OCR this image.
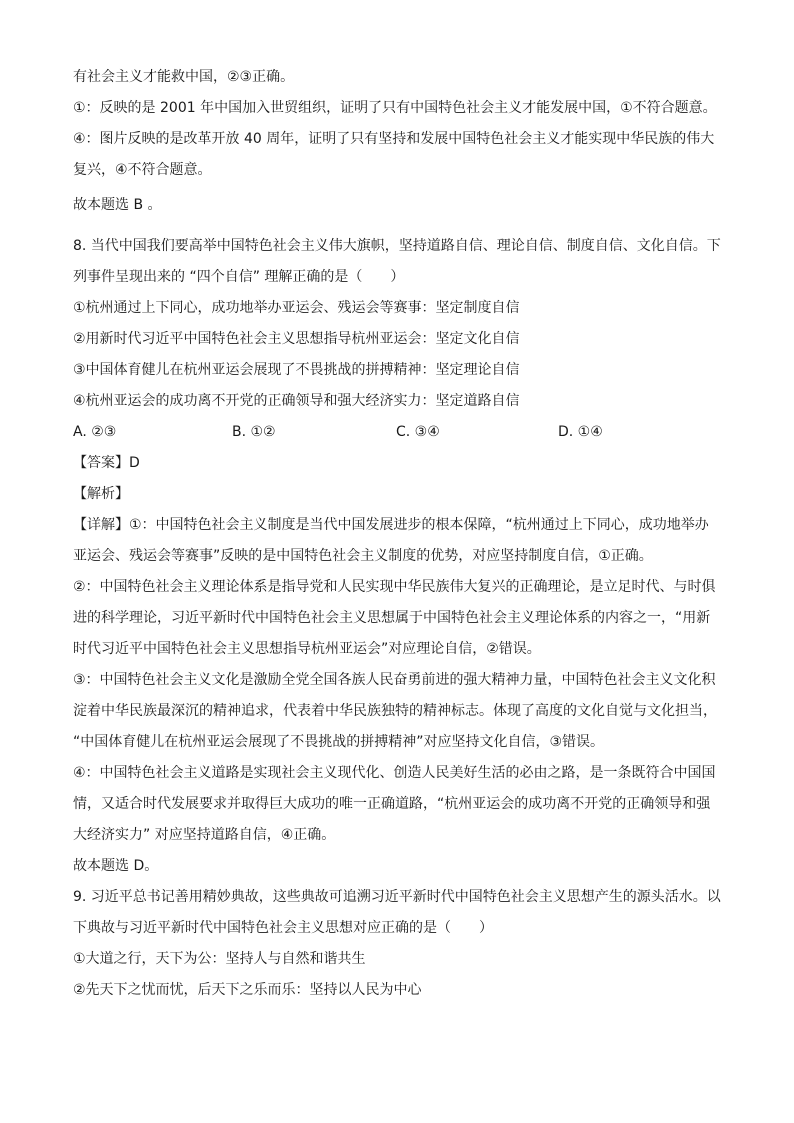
有社会主义才能救中国，②③正确。
①：反映的是 2001 年中国加入世贸组织，证明了只有中国特色社会主义才能发展中国，①不符合题意。
④：图片反映的是改革开放 40 周年，证明了只有坚持和发展中国特色社会主义才能实现中华民族的伟大
复兴，④不符合题意。
故本题选 B 。
8. 当代中国我们要高举中国特色社会主义伟大旗帜，坚持道路自信、理论自信、制度自信、文化自信。下
列事件呈现出来的 “四个自信” 理解正确的是（　　）
①杭州通过上下同心，成功地举办亚运会、残运会等赛事：坚定制度自信
②用新时代习近平中国特色社会主义思想指导杭州亚运会：坚定文化自信
③中国体育健儿在杭州亚运会展现了不畏挑战的拼搏精神：坚定理论自信
④杭州亚运会的成功离不开党的正确领导和强大经济实力：坚定道路自信
A. ②③	B. ①②	C. ③④	D. ①④
【答案】D
【解析】
【详解】①：中国特色社会主义制度是当代中国发展进步的根本保障，“杭州通过上下同心，成功地举办
亚运会、残运会等赛事”反映的是中国特色社会主义制度的优势，对应坚持制度自信，①正确。
②：中国特色社会主义理论体系是指导党和人民实现中华民族伟大复兴的正确理论，是立足时代、与时俱
进的科学理论，习近平新时代中国特色社会主义思想属于中国特色社会主义理论体系的内容之一，“用新
时代习近平中国特色社会主义思想指导杭州亚运会”对应理论自信，②错误。
③：中国特色社会主义文化是激励全党全国各族人民奋勇前进的强大精神力量，中国特色社会主义文化积
淀着中华民族最深沉的精神追求，代表着中华民族独特的精神标志。体现了高度的文化自觉与文化担当，
“中国体育健儿在杭州亚运会展现了不畏挑战的拼搏精神”对应坚持文化自信，③错误。
④：中国特色社会主义道路是实现社会主义现代化、创造人民美好生活的必由之路，是一条既符合中国国
情，又适合时代发展要求并取得巨大成功的唯一正确道路，“杭州亚运会的成功离不开党的正确领导和强
大经济实力” 对应坚持道路自信，④正确。
故本题选 D。
9. 习近平总书记善用精妙典故，这些典故可追溯习近平新时代中国特色社会主义思想产生的源头活水。以
下典故与习近平新时代中国特色社会主义思想对应正确的是（　　）
①大道之行，天下为公：坚持人与自然和谐共生
②先天下之忧而忧，后天下之乐而乐：坚持以人民为中心
